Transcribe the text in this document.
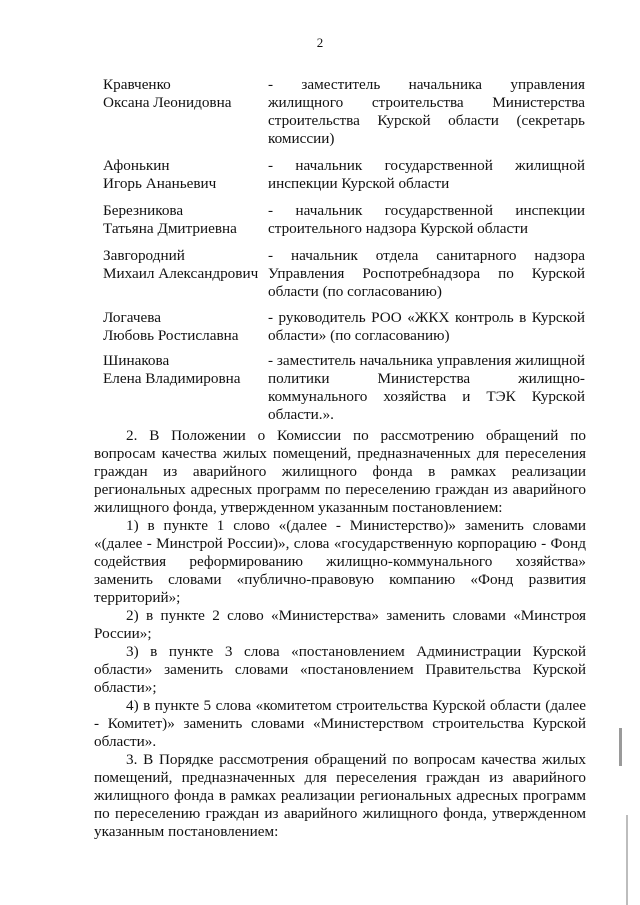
2
Кравченко
Оксана Леонидовна
- заместитель начальника управления
жилищного строительства Министерства
строительства Курской области (секретарь
комиссии)
Афонькин
Игорь Ананьевич
- начальник государственной жилищной
инспекции Курской области
Березникова
Татьяна Дмитриевна
- начальник государственной инспекции
строительного надзора Курской области
Завгородний
Михаил Александрович
- начальник отдела санитарного надзора
Управления Роспотребнадзора по Курской
области (по согласованию)
Логачева
Любовь Ростиславна
- руководитель РОО «ЖКХ контроль в Курской
области» (по согласованию)
Шинакова
Елена Владимировна
- заместитель начальника управления жилищной
политики	Министерства	жилищно-
коммунального хозяйства и ТЭК Курской
области.».

2. В Положении о Комиссии по рассмотрению обращений по вопросам качества жилых помещений, предназначенных для переселения граждан из аварийного жилищного фонда в рамках реализации региональных адресных программ по переселению граждан из аварийного жилищного фонда, утвержденном указанным постановлением:

1) в пункте 1 слово «(далее - Министерство)» заменить словами «(далее - Минстрой России)», слова «государственную корпорацию - Фонд содействия реформированию жилищно-коммунального хозяйства» заменить словами «публично-правовую компанию «Фонд развития территорий»;

2) в пункте 2 слово «Министерства» заменить словами «Минстроя России»;

3) в пункте 3 слова «постановлением Администрации Курской области» заменить словами «постановлением Правительства Курской области»;

4) в пункте 5 слова «комитетом строительства Курской области (далее - Комитет)» заменить словами «Министерством строительства Курской области».

3. В Порядке рассмотрения обращений по вопросам качества жилых помещений, предназначенных для переселения граждан из аварийного жилищного фонда в рамках реализации региональных адресных программ по переселению граждан из аварийного жилищного фонда, утвержденном указанным постановлением:
